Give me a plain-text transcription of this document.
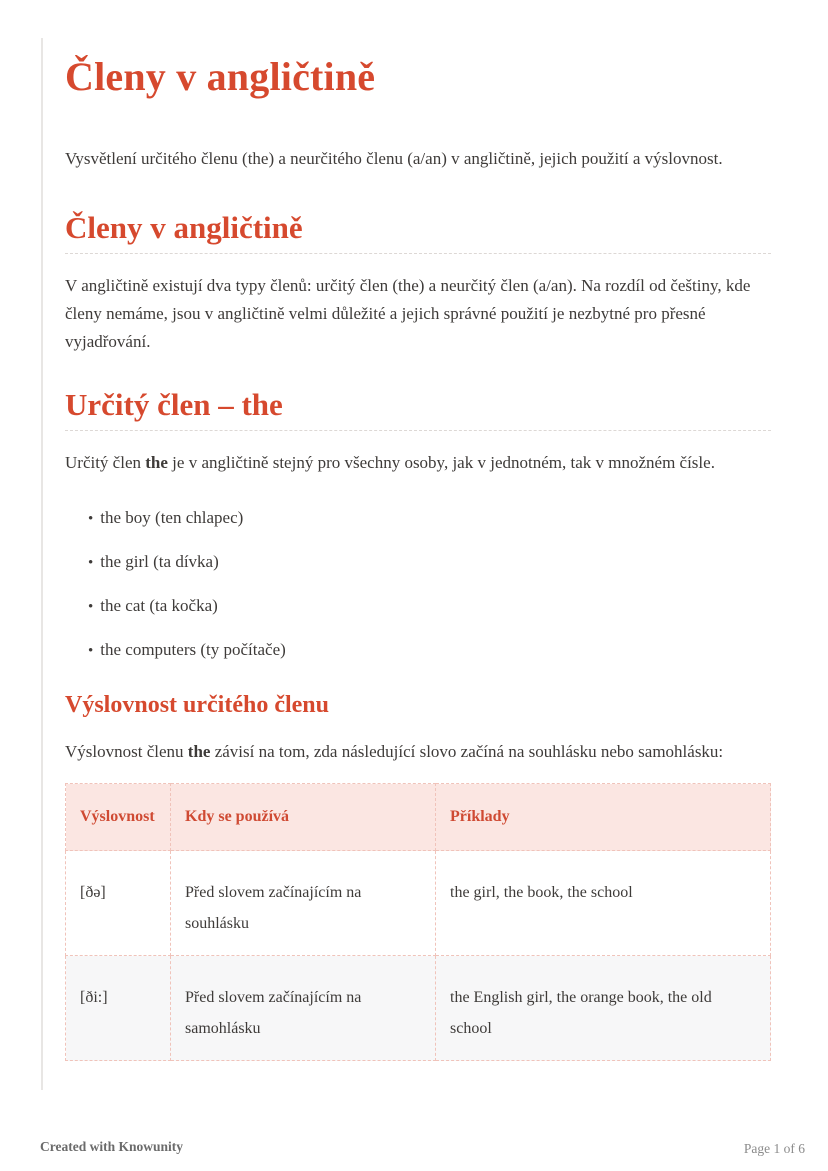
Členy v angličtině

Vysvětlení určitého členu (the) a neurčitého členu (a/an) v angličtině, jejich použití a výslovnost.

Členy v angličtině

V angličtině existují dva typy členů: určitý člen (the) a neurčitý člen (a/an). Na rozdíl od češtiny, kde členy nemáme, jsou v angličtině velmi důležité a jejich správné použití je nezbytné pro přesné vyjadřování.

Určitý člen – the

Určitý člen the je v angličtině stejný pro všechny osoby, jak v jednotném, tak v množném čísle.

• the boy (ten chlapec)
• the girl (ta dívka)
• the cat (ta kočka)
• the computers (ty počítače)
Výslovnost určitého členu

Výslovnost členu the závisí na tom, zda následující slovo začíná na souhlásku nebo samohlásku:

Výslovnost	Kdy se používá	Příklady
[ðə]	Před slovem začínajícím na souhlásku	the girl, the book, the school
[ði:]	Před slovem začínajícím na samohlásku	the English girl, the orange book, the old school
Created with Knowunity	Page 1 of 6
